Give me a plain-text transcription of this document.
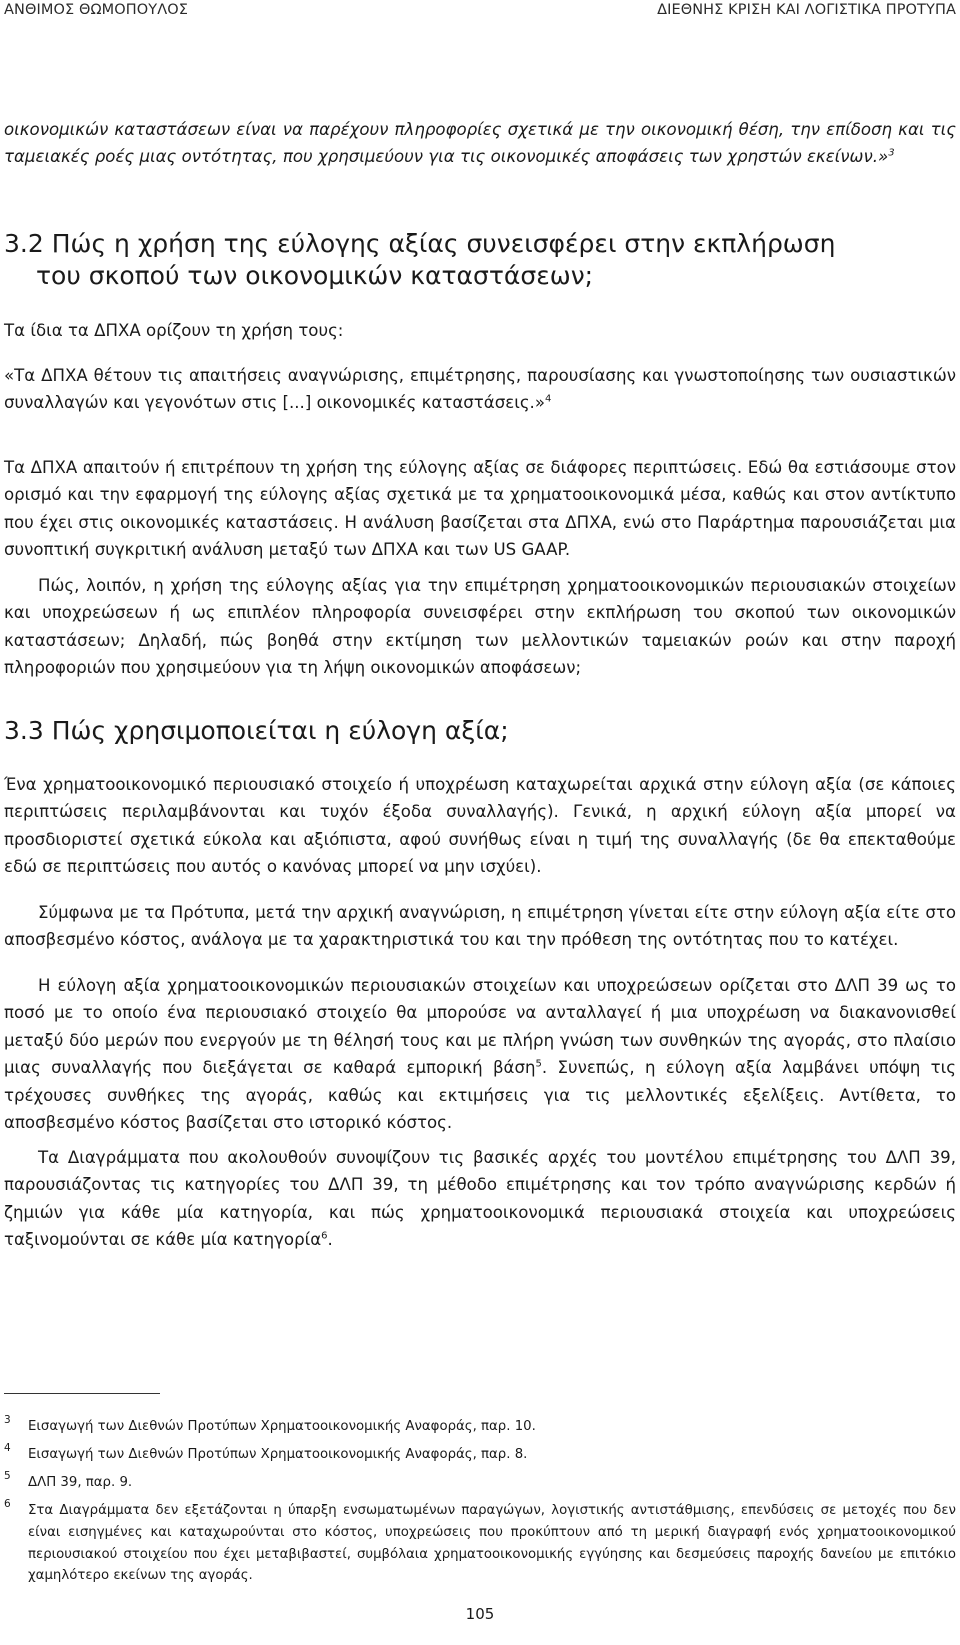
ΑΝΘΙΜΟΣ ΘΩΜΟΠΟΥΛΟΣ	ΔΙΕΘΝΗΣ ΚΡΙΣΗ ΚΑΙ ΛΟΓΙΣΤΙΚΑ ΠΡΟΤΥΠΑ

οικονομικών καταστάσεων είναι να παρέχουν πληροφορίες σχετικά με την οικονομική θέση, την επίδοση και τις ταμειακές ροές μιας οντότητας, που χρησιμεύουν για τις οικονομικές αποφάσεις των χρηστών εκείνων.»$^3$

3.2 Πώς η χρήση της εύλογης αξίας συνεισφέρει στην εκπλήρωση
του σκοπού των οικονομικών καταστάσεων;

Τα ίδια τα ΔΠΧΑ ορίζουν τη χρήση τους:

«Τα ΔΠΧΑ θέτουν τις απαιτήσεις αναγνώρισης, επιμέτρησης, παρουσίασης και γνωστοποίησης των ουσιαστικών συναλλαγών και γεγονότων στις [...] οικονομικές καταστάσεις.»$^4$

Τα ΔΠΧΑ απαιτούν ή επιτρέπουν τη χρήση της εύλογης αξίας σε διάφορες περιπτώσεις. Εδώ θα εστιάσουμε στον ορισμό και την εφαρμογή της εύλογης αξίας σχετικά με τα χρηματοοικονομικά μέσα, καθώς και στον αντίκτυπο που έχει στις οικονομικές καταστάσεις. Η ανάλυση βασίζεται στα ΔΠΧΑ, ενώ στο Παράρτημα παρουσιάζεται μια συνοπτική συγκριτική ανάλυση μεταξύ των ΔΠΧΑ και των US GAAP.

Πώς, λοιπόν, η χρήση της εύλογης αξίας για την επιμέτρηση χρηματοοικονομικών περιουσιακών στοιχείων και υποχρεώσεων ή ως επιπλέον πληροφορία συνεισφέρει στην εκπλήρωση του σκοπού των οικονομικών καταστάσεων; Δηλαδή, πώς βοηθά στην εκτίμηση των μελλοντικών ταμειακών ροών και στην παροχή πληροφοριών που χρησιμεύουν για τη λήψη οικονομικών αποφάσεων;

3.3 Πώς χρησιμοποιείται η εύλογη αξία;

Ένα χρηματοοικονομικό περιουσιακό στοιχείο ή υποχρέωση καταχωρείται αρχικά στην εύλογη αξία (σε κάποιες περιπτώσεις περιλαμβάνονται και τυχόν έξοδα συναλλαγής). Γενικά, η αρχική εύλογη αξία μπορεί να προσδιοριστεί σχετικά εύκολα και αξιόπιστα, αφού συνήθως είναι η τιμή της συναλλαγής (δε θα επεκταθούμε εδώ σε περιπτώσεις που αυτός ο κανόνας μπορεί να μην ισχύει).

Σύμφωνα με τα Πρότυπα, μετά την αρχική αναγνώριση, η επιμέτρηση γίνεται είτε στην εύλογη αξία είτε στο αποσβεσμένο κόστος, ανάλογα με τα χαρακτηριστικά του και την πρόθεση της οντότητας που το κατέχει.

Η εύλογη αξία χρηματοοικονομικών περιουσιακών στοιχείων και υποχρεώσεων ορίζεται στο ΔΛΠ 39 ως το ποσό με το οποίο ένα περιουσιακό στοιχείο θα μπορούσε να ανταλλαγεί ή μια υποχρέωση να διακανονισθεί μεταξύ δύο μερών που ενεργούν με τη θέλησή τους και με πλήρη γνώση των συνθηκών της αγοράς, στο πλαίσιο μιας συναλλαγής που διεξάγεται σε καθαρά εμπορική βάση$^5$. Συνεπώς, η εύλογη αξία λαμβάνει υπόψη τις τρέχουσες συνθήκες της αγοράς, καθώς και εκτιμήσεις για τις μελλοντικές εξελίξεις. Αντίθετα, το αποσβεσμένο κόστος βασίζεται στο ιστορικό κόστος.

Τα Διαγράμματα που ακολουθούν συνοψίζουν τις βασικές αρχές του μοντέλου επιμέτρησης του ΔΛΠ 39, παρουσιάζοντας τις κατηγορίες του ΔΛΠ 39, τη μέθοδο επιμέτρησης και τον τρόπο αναγνώρισης κερδών ή ζημιών για κάθε μία κατηγορία, και πώς χρηματοοικονομικά περιουσιακά στοιχεία και υποχρεώσεις ταξινομούνται σε κάθε μία κατηγορία$^6$.

3	Εισαγωγή των Διεθνών Προτύπων Χρηματοοικονομικής Αναφοράς, παρ. 10.
4	Εισαγωγή των Διεθνών Προτύπων Χρηματοοικονομικής Αναφοράς, παρ. 8.
5	ΔΛΠ 39, παρ. 9.
6	Στα Διαγράμματα δεν εξετάζονται η ύπαρξη ενσωματωμένων παραγώγων, λογιστικής αντιστάθμισης, επενδύσεις σε μετοχές που δεν είναι εισηγμένες και καταχωρούνται στο κόστος, υποχρεώσεις που προκύπτουν από τη μερική διαγραφή ενός χρηματοοικονομικού περιουσιακού στοιχείου που έχει μεταβιβαστεί, συμβόλαια χρηματοοικονομικής εγγύησης και δεσμεύσεις παροχής δανείου με επιτόκιο χαμηλότερο εκείνων της αγοράς.
105
